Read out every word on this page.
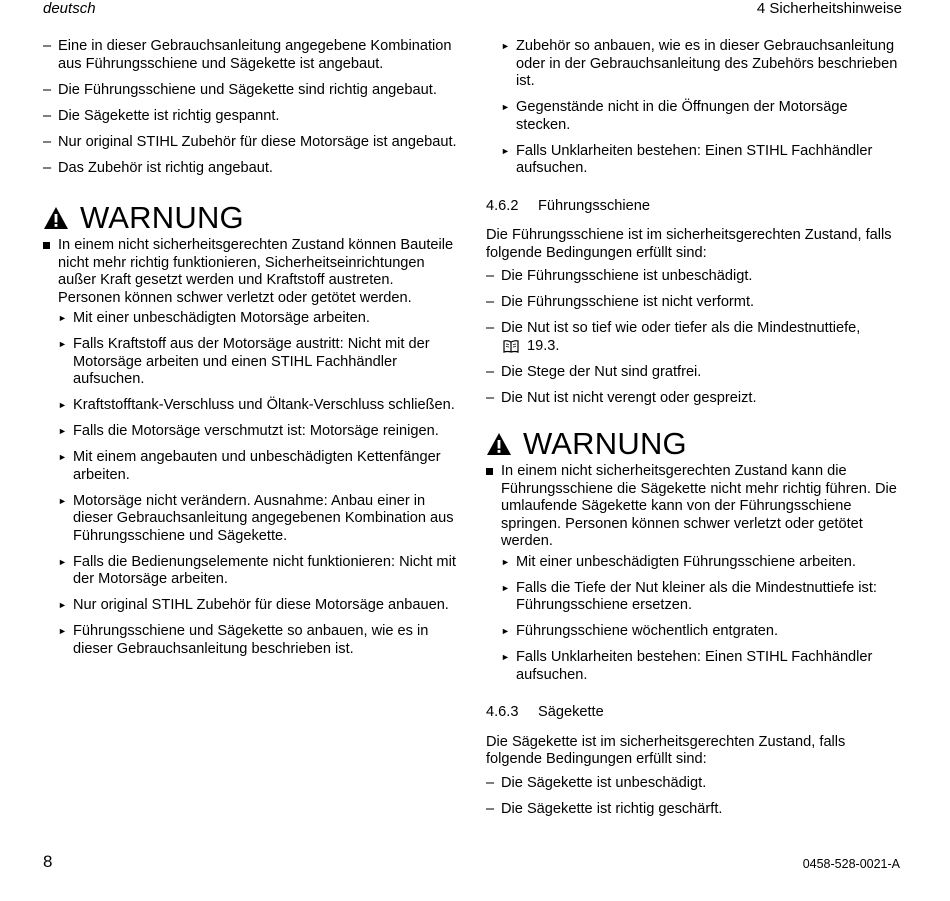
deutsch	4 Sicherheitshinweise
– Eine in dieser Gebrauchsanleitung angegebene Kombination aus Führungsschiene und Sägekette ist angebaut.
– Die Führungsschiene und Sägekette sind richtig angebaut.
– Die Sägekette ist richtig gespannt.
– Nur original STIHL Zubehör für diese Motorsäge ist angebaut.
– Das Zubehör ist richtig angebaut.
WARNUNG
In einem nicht sicherheitsgerechten Zustand können Bauteile nicht mehr richtig funktionieren, Sicherheitseinrichtungen außer Kraft gesetzt werden und Kraftstoff austreten. Personen können schwer verletzt oder getötet werden.
► Mit einer unbeschädigten Motorsäge arbeiten.
► Falls Kraftstoff aus der Motorsäge austritt: Nicht mit der Motorsäge arbeiten und einen STIHL Fachhändler aufsuchen.
► Kraftstofftank-Verschluss und Öltank-Verschluss schließen.
► Falls die Motorsäge verschmutzt ist: Motorsäge reinigen.
► Mit einem angebauten und unbeschädigten Kettenfänger arbeiten.
► Motorsäge nicht verändern. Ausnahme: Anbau einer in dieser Gebrauchsanleitung angegebenen Kombination aus Führungsschiene und Sägekette.
► Falls die Bedienungselemente nicht funktionieren: Nicht mit der Motorsäge arbeiten.
► Nur original STIHL Zubehör für diese Motorsäge anbauen.
► Führungsschiene und Sägekette so anbauen, wie es in dieser Gebrauchsanleitung beschrieben ist.
► Zubehör so anbauen, wie es in dieser Gebrauchsanleitung oder in der Gebrauchsanleitung des Zubehörs beschrieben ist.
► Gegenstände nicht in die Öffnungen der Motorsäge stecken.
► Falls Unklarheiten bestehen: Einen STIHL Fachhändler aufsuchen.
4.6.2 Führungsschiene
Die Führungsschiene ist im sicherheitsgerechten Zustand, falls folgende Bedingungen erfüllt sind:
– Die Führungsschiene ist unbeschädigt.
– Die Führungsschiene ist nicht verformt.
– Die Nut ist so tief wie oder tiefer als die Mindestnuttiefe,
19.3.
– Die Stege der Nut sind gratfrei.
– Die Nut ist nicht verengt oder gespreizt.
WARNUNG
In einem nicht sicherheitsgerechten Zustand kann die Führungsschiene die Sägekette nicht mehr richtig führen. Die umlaufende Sägekette kann von der Führungsschiene springen. Personen können schwer verletzt oder getötet werden.
► Mit einer unbeschädigten Führungsschiene arbeiten.
► Falls die Tiefe der Nut kleiner als die Mindestnuttiefe ist: Führungsschiene ersetzen.
► Führungsschiene wöchentlich entgraten.
► Falls Unklarheiten bestehen: Einen STIHL Fachhändler aufsuchen.
4.6.3 Sägekette
Die Sägekette ist im sicherheitsgerechten Zustand, falls folgende Bedingungen erfüllt sind:
– Die Sägekette ist unbeschädigt.
– Die Sägekette ist richtig geschärft.
8	0458-528-0021-A
